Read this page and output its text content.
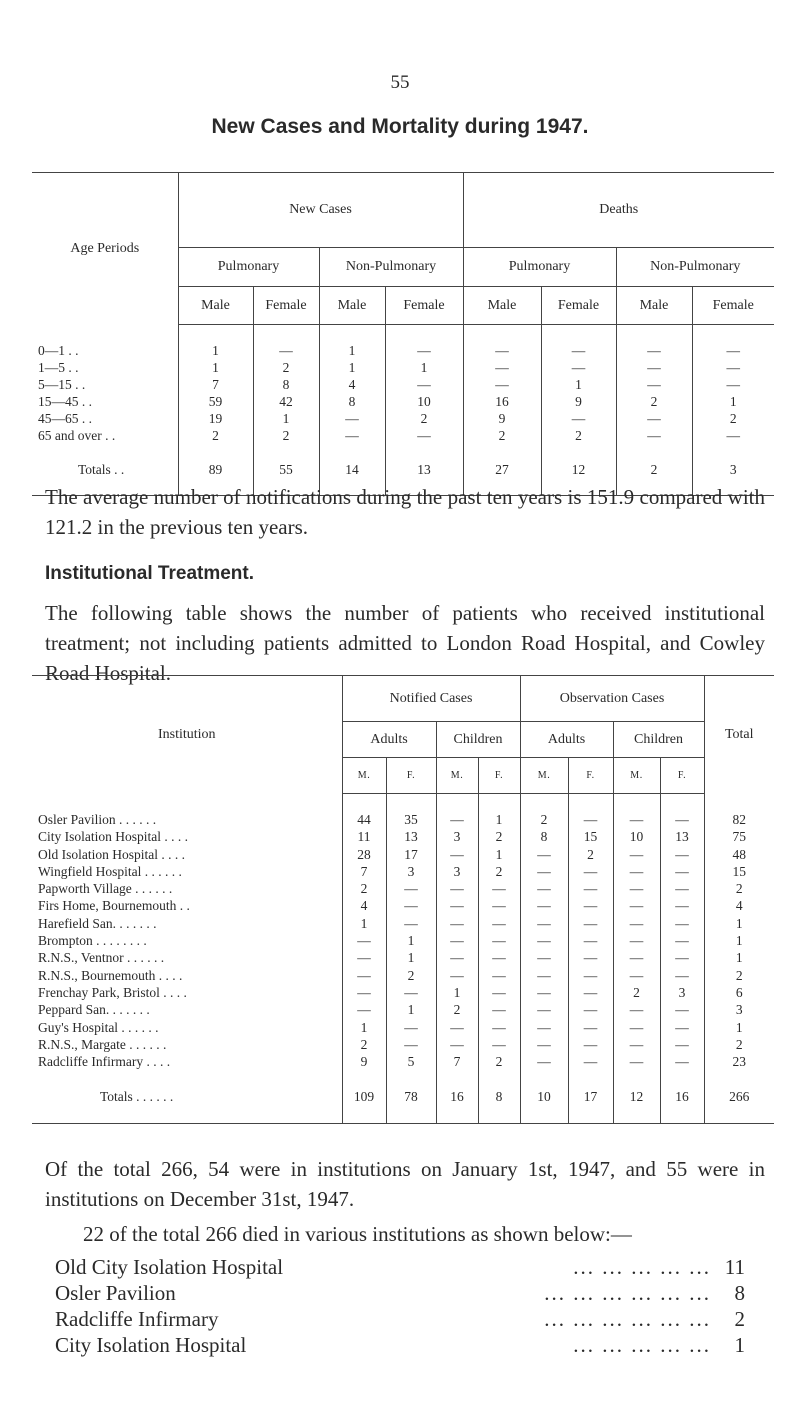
55
New Cases and Mortality during 1947.
Age Periods	New Cases				Deaths			
	Pulmonary		Non-Pulmonary		Pulmonary		Non-Pulmonary	
	Male	Female	Male	Female	Male	Female	Male	Female

0—1 . .	1	—	1	—	—	—	—	—
1—5 . .	1	2	1	1	—	—	—	—
5—15 . .	7	8	4	—	—	1	—	—
15—45 . .	59	42	8	10	16	9	2	1
45—65 . .	19	1	—	2	9	—	—	2
65 and over . .	2	2	—	—	2	2	—	—

Totals . .	89	55	14	13	27	12	2	3

The average number of notifications during the past ten years is 151.9 compared with 121.2 in the previous ten years.
Institutional Treatment.
The following table shows the number of patients who received institutional treatment; not including patients admitted to London Road Hospital, and Cowley Road Hospital.
Institution	Notified Cases				Observation Cases				Total
	Adults		Children		Adults		Children		
	M.	F.	M.	F.	M.	F.	M.	F.	

Osler Pavilion . . . . . .	44	35	—	1	2	—	—	—	82
City Isolation Hospital . . . .	11	13	3	2	8	15	10	13	75
Old Isolation Hospital . . . .	28	17	—	1	—	2	—	—	48
Wingfield Hospital . . . . . .	7	3	3	2	—	—	—	—	15
Papworth Village . . . . . .	2	—	—	—	—	—	—	—	2
Firs Home, Bournemouth . .	4	—	—	—	—	—	—	—	4
Harefield San. . . . . . .	1	—	—	—	—	—	—	—	1
Brompton . . . . . . . .	—	1	—	—	—	—	—	—	1
R.N.S., Ventnor . . . . . .	—	1	—	—	—	—	—	—	1
R.N.S., Bournemouth . . . .	—	2	—	—	—	—	—	—	2
Frenchay Park, Bristol . . . .	—	—	1	—	—	—	2	3	6
Peppard San. . . . . . .	—	1	2	—	—	—	—	—	3
Guy's Hospital . . . . . .	1	—	—	—	—	—	—	—	1
R.N.S., Margate . . . . . .	2	—	—	—	—	—	—	—	2
Radcliffe Infirmary . . . .	9	5	7	2	—	—	—	—	23

Totals . . . . . .	109	78	16	8	10	17	12	16	266

Of the total 266, 54 were in institutions on January 1st, 1947, and 55 were in institutions on December 31st, 1947.
22 of the total 266 died in various institutions as shown below:—
Old City Isolation Hospital	... ... ... ... ... 11
Osler Pavilion	... ... ... ... ... ...	8
Radcliffe Infirmary	... ... ... ... ... ...	2
City Isolation Hospital	... ... ... ... ...	1
